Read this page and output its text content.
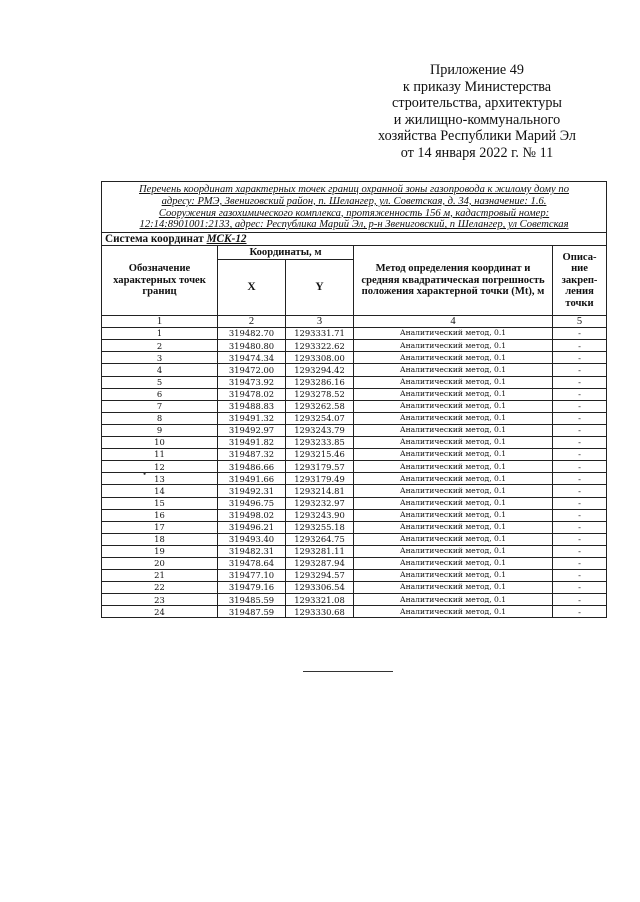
Приложение 49
к приказу Министерства
строительства, архитектуры
и жилищно-коммунального
хозяйства Республики Марий Эл
от 14 января 2022 г. № 11
Перечень координат характерных точек границ охранной зоны газопровода к жилому дому по
адресу: РМЭ, Звениговский район, п. Шелангер, ул. Советская, д. 34, назначение: 1.6.
Сооружения газохимического комплекса, протяженность 156 м, кадастровый номер:
12:14:8901001:2133, адрес: Республика Марий Эл, р-н Звениговский, п Шелангер, ул Советская				

Система координат МСК-12				
Обозначение характерных точек границ	Координаты, м		Метод определения координат и средняя квадратическая погрешность положения характерной точки (Mt), м	Описа- ние закреп- ления точки
	X	Y		
1	2	3	4	5
1	319482.70	1293331.71	Аналитический метод, 0.1	-
2	319480.80	1293322.62	Аналитический метод, 0.1	-
3	319474.34	1293308.00	Аналитический метод, 0.1	-
4	319472.00	1293294.42	Аналитический метод, 0.1	-
5	319473.92	1293286.16	Аналитический метод, 0.1	-
6	319478.02	1293278.52	Аналитический метод, 0.1	-
7	319488.83	1293262.58	Аналитический метод, 0.1	-
8	319491.32	1293254.07	Аналитический метод, 0.1	-
9	319492.97	1293243.79	Аналитический метод, 0.1	-
10	319491.82	1293233.85	Аналитический метод, 0.1	-
11	319487.32	1293215.46	Аналитический метод, 0.1	-
12	319486.66	1293179.57	Аналитический метод, 0.1	-
13	319491.66	1293179.49	Аналитический метод, 0.1	-
14	319492.31	1293214.81	Аналитический метод, 0.1	-
15	319496.75	1293232.97	Аналитический метод, 0.1	-
16	319498.02	1293243.90	Аналитический метод, 0.1	-
17	319496.21	1293255.18	Аналитический метод, 0.1	-
18	319493.40	1293264.75	Аналитический метод, 0.1	-
19	319482.31	1293281.11	Аналитический метод, 0.1	-
20	319478.64	1293287.94	Аналитический метод, 0.1	-
21	319477.10	1293294.57	Аналитический метод, 0.1	-
22	319479.16	1293306.54	Аналитический метод, 0.1	-
23	319485.59	1293321.08	Аналитический метод, 0.1	-
24	319487.59	1293330.68	Аналитический метод, 0.1	-
•
